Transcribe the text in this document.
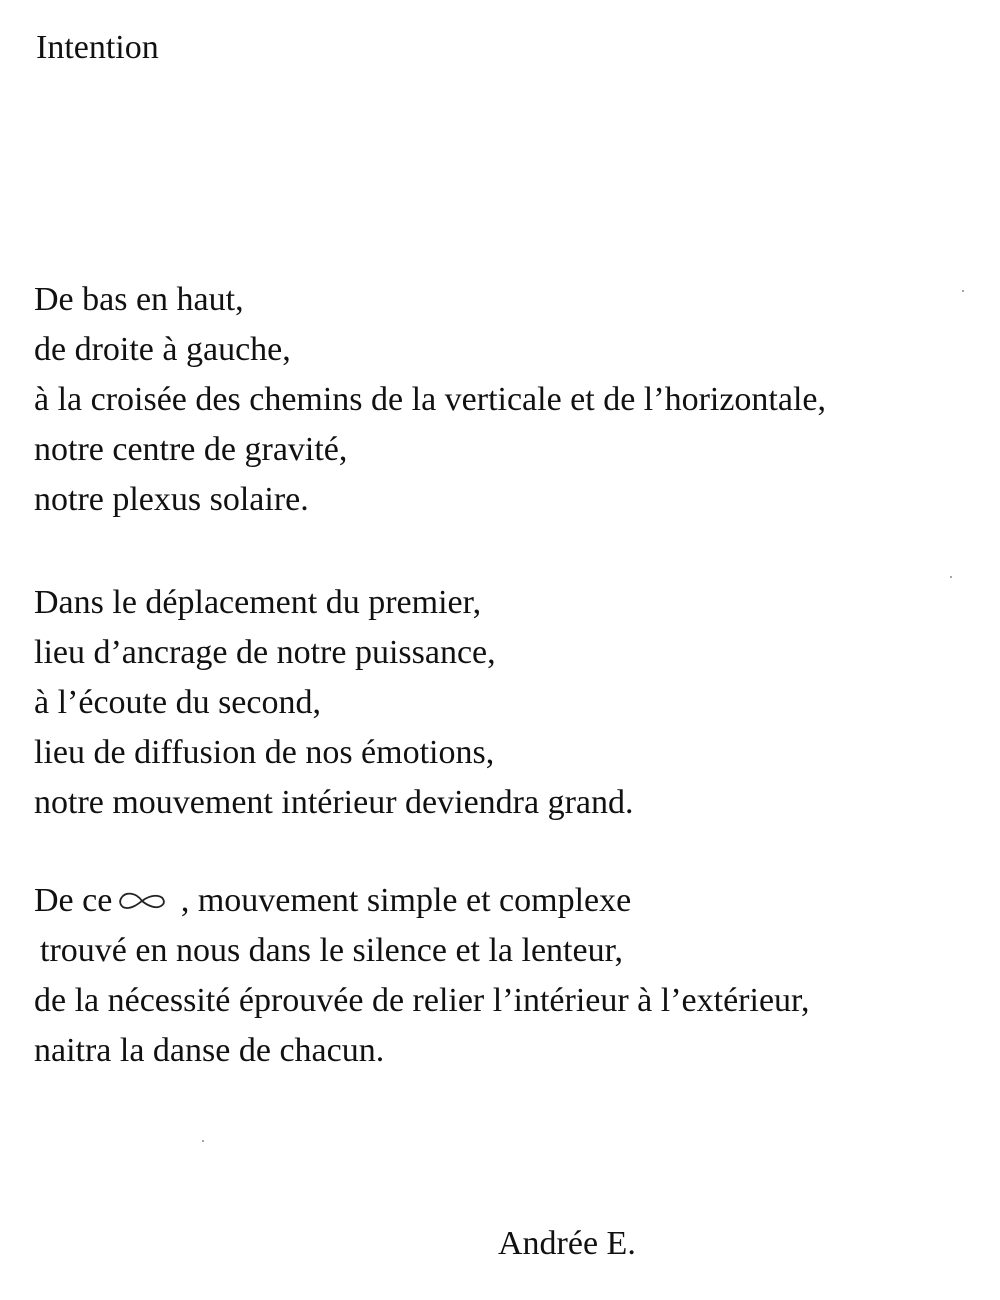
Intention
De bas en haut,
de droite à gauche,
à la croisée des chemins de la verticale et de l’horizontale,
notre centre de gravité,
notre plexus solaire.
Dans le déplacement du premier,
lieu d’ancrage de notre puissance,
à l’écoute du second,
lieu de diffusion de nos émotions,
notre mouvement intérieur deviendra grand.
De ce , mouvement simple et complexe
trouvé en nous dans le silence et la lenteur,
de la nécessité éprouvée de relier l’intérieur à l’extérieur,
naitra la danse de chacun.
Andrée E.
